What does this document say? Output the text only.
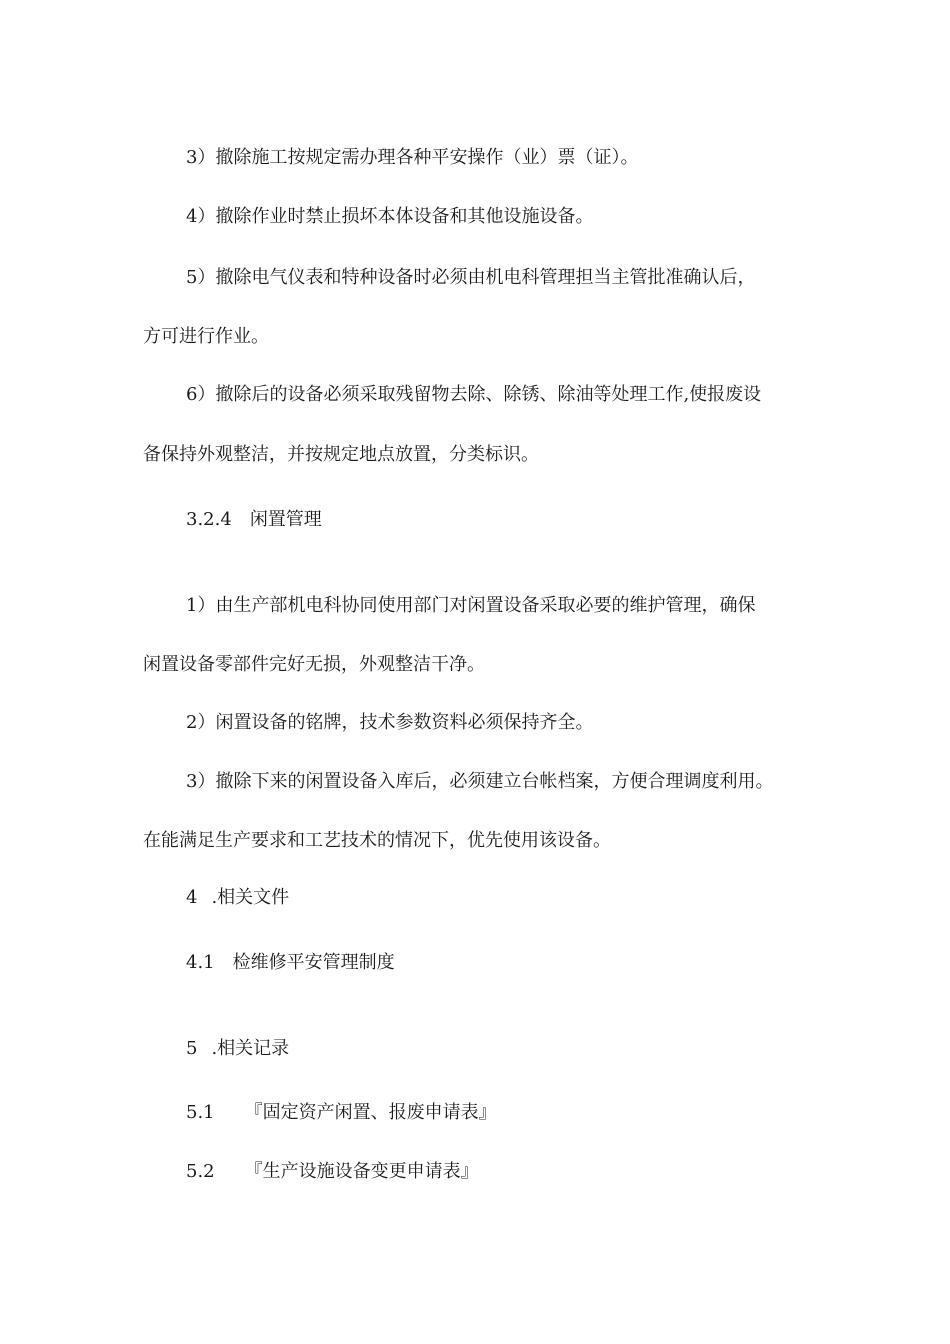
3）撤除施工按规定需办理各种平安操作（业）票（证）。
4）撤除作业时禁止损坏本体设备和其他设施设备。
5）撤除电气仪表和特种设备时必须由机电科管理担当主管批准确认后，
方可进行作业。
6）撤除后的设备必须采取残留物去除、除锈、除油等处理工作,使报废设
备保持外观整洁，并按规定地点放置，分类标识。
3.2.4 闲置管理
1）由生产部机电科协同使用部门对闲置设备采取必要的维护管理，确保
闲置设备零部件完好无损，外观整洁干净。
2）闲置设备的铭牌，技术参数资料必须保持齐全。
3）撤除下来的闲置设备入库后，必须建立台帐档案，方便合理调度利用。
在能满足生产要求和工艺技术的情况下，优先使用该设备。
4 .相关文件
4.1 检维修平安管理制度
5 .相关记录
5.1 『固定资产闲置、报废申请表』
5.2 『生产设施设备变更申请表』
